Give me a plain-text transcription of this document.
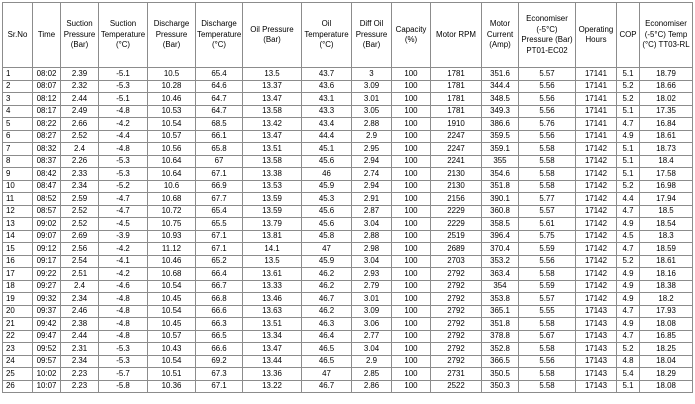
Sr.No	Time	Suction Pressure (Bar)	Suction Temperature (°C)	Discharge Pressure (Bar)	Discharge Temperature (°C)	Oil Pressure (Bar)	Oil Temperature (°C)	Diff Oil Pressure (Bar)	Capacity (%)	Motor RPM	Motor Current (Amp)	Economiser (-5°C) Pressure (Bar) PT01-EC02	Operating Hours	COP	Economiser (-5°C) Temp (°C) TT03-RL
1	08:02	2.39	-5.1	10.5	65.4	13.5	43.7	3	100	1781	351.6	5.57	17141	5.1	18.79
2	08:07	2.32	-5.3	10.28	64.6	13.37	43.6	3.09	100	1781	344.4	5.56	17141	5.2	18.66
3	08:12	2.44	-5.1	10.46	64.7	13.47	43.1	3.01	100	1781	348.5	5.56	17141	5.2	18.02
4	08:17	2.49	-4.8	10.53	64.7	13.58	43.3	3.05	100	1781	349.3	5.56	17141	5.1	17.35
5	08:22	2.66	-4.2	10.54	68.5	13.42	43.4	2.88	100	1910	386.6	5.76	17141	4.7	16.84
6	08:27	2.52	-4.4	10.57	66.1	13.47	44.4	2.9	100	2247	359.5	5.56	17141	4.9	18.61
7	08:32	2.4	-4.8	10.56	65.8	13.51	45.1	2.95	100	2247	359.1	5.58	17142	5.1	18.73
8	08:37	2.26	-5.3	10.64	67	13.58	45.6	2.94	100	2241	355	5.58	17142	5.1	18.4
9	08:42	2.33	-5.3	10.64	67.1	13.38	46	2.74	100	2130	354.6	5.58	17142	5.1	17.58
10	08:47	2.34	-5.2	10.6	66.9	13.53	45.9	2.94	100	2130	351.8	5.58	17142	5.2	16.98
11	08:52	2.59	-4.7	10.68	67.7	13.59	45.3	2.91	100	2156	390.1	5.77	17142	4.4	17.94
12	08:57	2.52	-4.7	10.72	65.4	13.59	45.6	2.87	100	2229	360.8	5.57	17142	4.7	18.5
13	09:02	2.52	-4.5	10.75	65.5	13.79	45.6	3.04	100	2229	358.5	5.61	17142	4.9	18.54
14	09:07	2.69	-3.9	10.93	67.1	13.81	45.8	2.88	100	2519	396.4	5.75	17142	4.5	18.3
15	09:12	2.56	-4.2	11.12	67.1	14.1	47	2.98	100	2689	370.4	5.59	17142	4.7	18.59
16	09:17	2.54	-4.1	10.46	65.2	13.5	45.9	3.04	100	2703	353.2	5.56	17142	5.2	18.61
17	09:22	2.51	-4.2	10.68	66.4	13.61	46.2	2.93	100	2792	363.4	5.58	17142	4.9	18.16
18	09:27	2.4	-4.6	10.54	66.7	13.33	46.2	2.79	100	2792	354	5.59	17142	4.9	18.38
19	09:32	2.34	-4.8	10.45	66.8	13.46	46.7	3.01	100	2792	353.8	5.57	17142	4.9	18.2
20	09:37	2.46	-4.8	10.54	66.6	13.63	46.2	3.09	100	2792	365.1	5.55	17143	4.7	17.93
21	09:42	2.38	-4.8	10.45	66.3	13.51	46.3	3.06	100	2792	351.8	5.58	17143	4.9	18.08
22	09:47	2.44	-4.8	10.57	66.5	13.34	46.4	2.77	100	2792	378.8	5.67	17143	4.7	16.85
23	09:52	2.31	-5.3	10.43	66.6	13.47	46.5	3.04	100	2792	352.8	5.58	17143	5.2	18.25
24	09:57	2.34	-5.3	10.54	69.2	13.44	46.5	2.9	100	2792	366.5	5.56	17143	4.8	18.04
25	10:02	2.23	-5.7	10.51	67.3	13.36	47	2.85	100	2731	350.5	5.58	17143	5.4	18.29
26	10:07	2.23	-5.8	10.36	67.1	13.22	46.7	2.86	100	2522	350.3	5.58	17143	5.1	18.08
